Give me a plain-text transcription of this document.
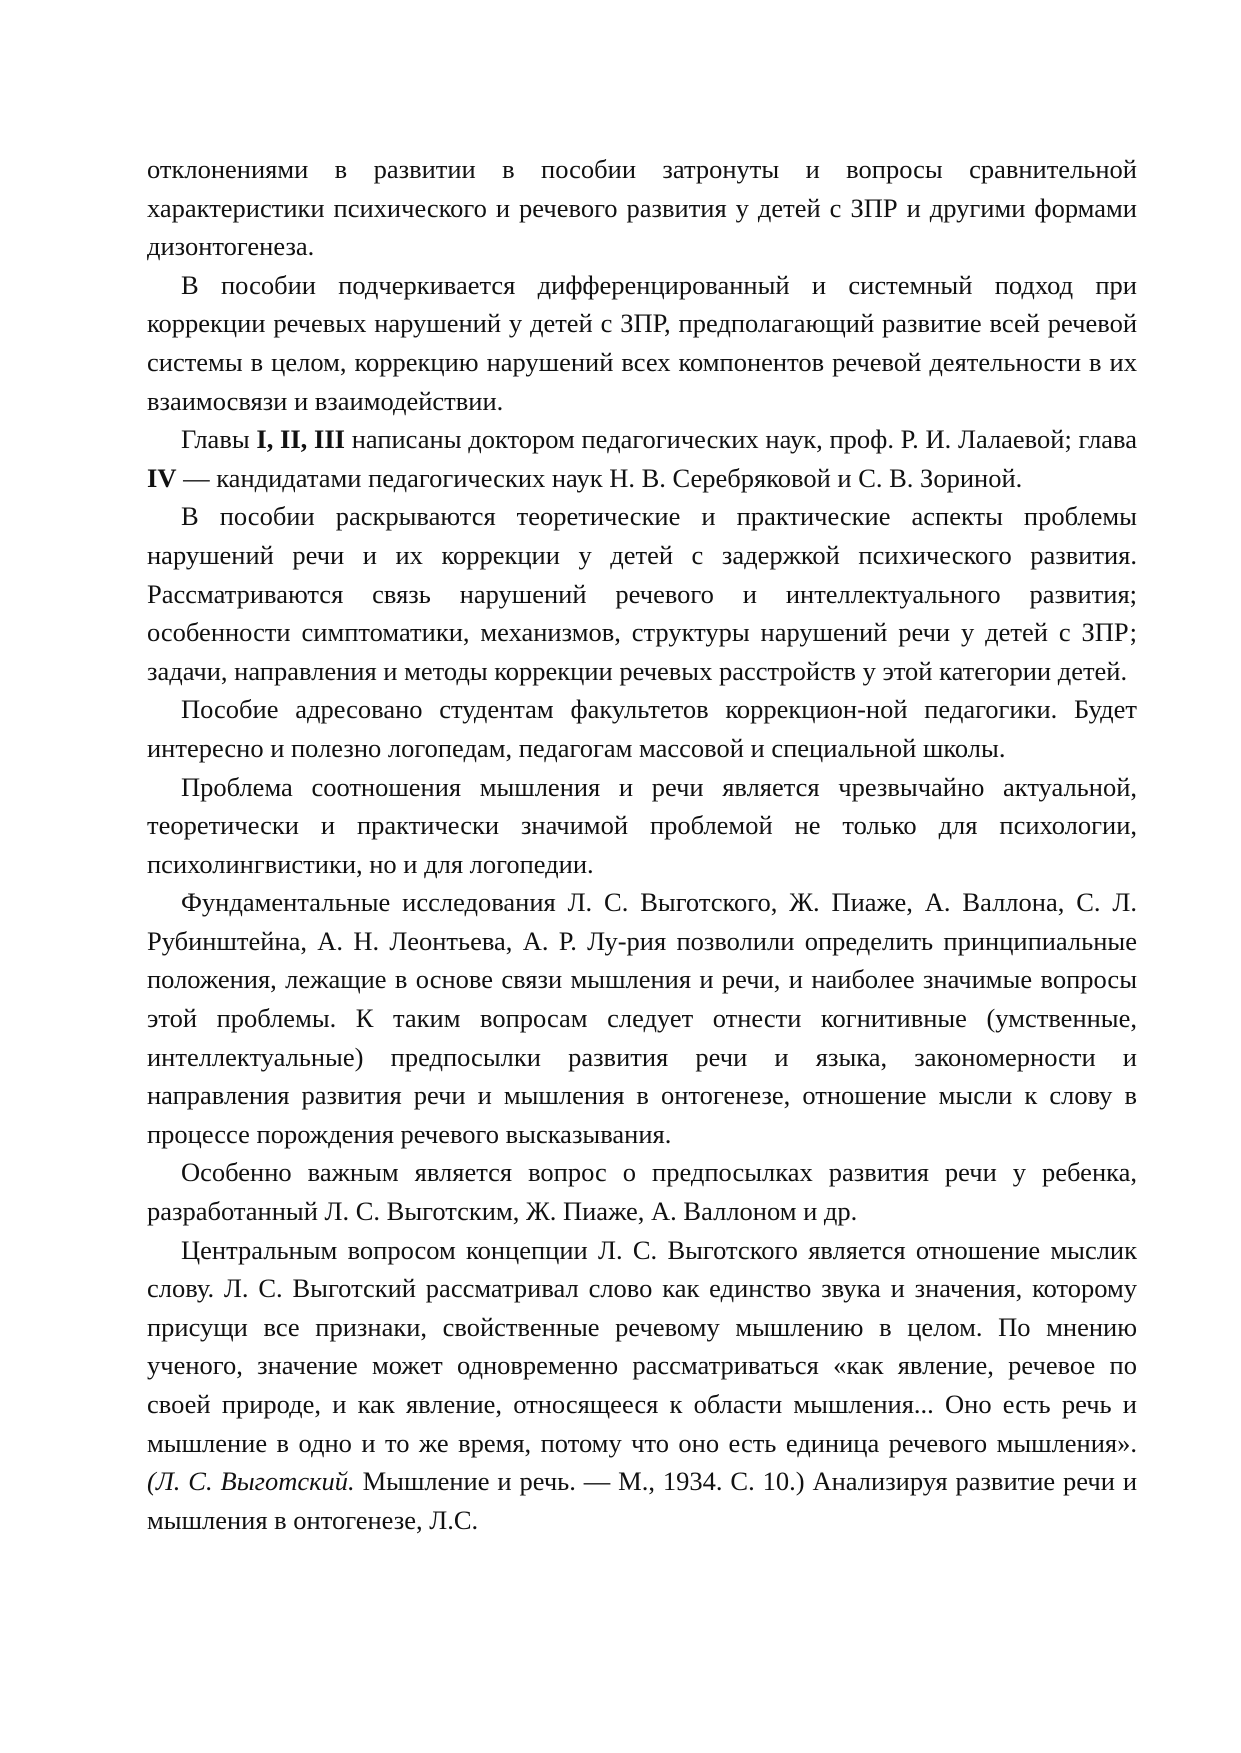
отклонениями в развитии в пособии затронуты и вопросы сравнительной характеристики психического и речевого развития у детей с ЗПР и другими формами дизонтогенеза.

В пособии подчеркивается дифференцированный и системный подход при коррекции речевых нарушений у детей с ЗПР, предполагающий развитие всей речевой системы в целом, коррекцию нарушений всех компонентов речевой деятельности в их взаимосвязи и взаимодействии.

Главы I, II, III написаны доктором педагогических наук, проф. Р. И. Лалаевой; глава IV — кандидатами педагогических наук Н. В. Серебряковой и С. В. Зориной.

В пособии раскрываются теоретические и практические аспекты проблемы нарушений речи и их коррекции у детей с задержкой психического развития. Рассматриваются связь нарушений речевого и интеллектуального развития; особенности симптоматики, механизмов, структуры нарушений речи у детей с ЗПР; задачи, направления и методы коррекции речевых расстройств у этой категории детей.

Пособие адресовано студентам факультетов коррекцион-ной педагогики. Будет интересно и полезно логопедам, педагогам массовой и специальной школы.

Проблема соотношения мышления и речи является чрезвычайно актуальной, теоретически и практически значимой проблемой не только для психологии, психолингвистики, но и для логопедии.

Фундаментальные исследования Л. С. Выготского, Ж. Пиаже, А. Валлона, С. Л. Рубинштейна, А. Н. Леонтьева, А. Р. Лу-рия позволили определить принципиальные положения, лежащие в основе связи мышления и речи, и наиболее значимые вопросы этой проблемы. К таким вопросам следует отнести когнитивные (умственные, интеллектуальные) предпосылки развития речи и языка, закономерности и направления развития речи и мышления в онтогенезе, отношение мысли к слову в процессе порождения речевого высказывания.

Особенно важным является вопрос о предпосылках развития речи у ребенка, разработанный Л. С. Выготским, Ж. Пиаже, А. Валлоном и др.

Центральным вопросом концепции Л. С. Выготского является отношение мыслик слову. Л. С. Выготский рассматривал слово как единство звука и значения, которому присущи все признаки, свойственные речевому мышлению в целом. По мнению ученого, значение может одновременно рассматриваться «как явление, речевое по своей природе, и как явление, относящееся к области мышления... Оно есть речь и мышление в одно и то же время, потому что оно есть единица речевого мышления». (Л. С. Выготский. Мышление и речь. — М., 1934. С. 10.) Анализируя развитие речи и мышления в онтогенезе, Л.С.
